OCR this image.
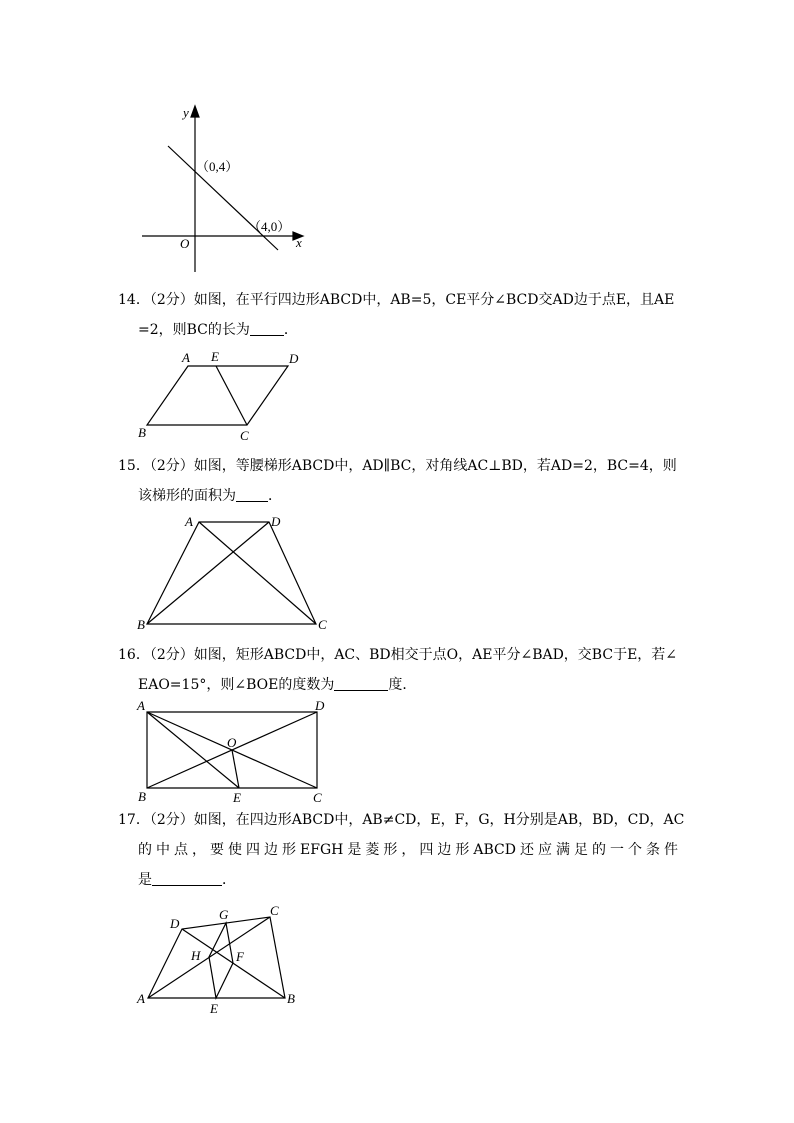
y
x
O
（0,4）
（4,0）
14．（2分）如图，在平行四边形ABCD中，AB=5，CE平分∠BCD交AD边于点E，且AE
=2，则BC的长为 ．
A E	D
B	C
15．（2分）如图，等腰梯形ABCD中，AD∥BC，对角线AC⊥BD，若AD=2，BC=4，则
该梯形的面积为 ．
A	D
B	C
16．（2分）如图，矩形ABCD中，AC、BD相交于点O，AE平分∠BAD，交BC于E，若∠
EAO=15°，则∠BOE的度数为	度．
A	D
O
B	E	C
17．（2分）如图，在四边形ABCD中，AB≠CD，E，F，G，H分别是AB，BD，CD，AC
的中点，要使四边形EFGH是菱形，四边形ABCD还应满足的一个条件
是	．
D
G	C
H	F
A
E
B
